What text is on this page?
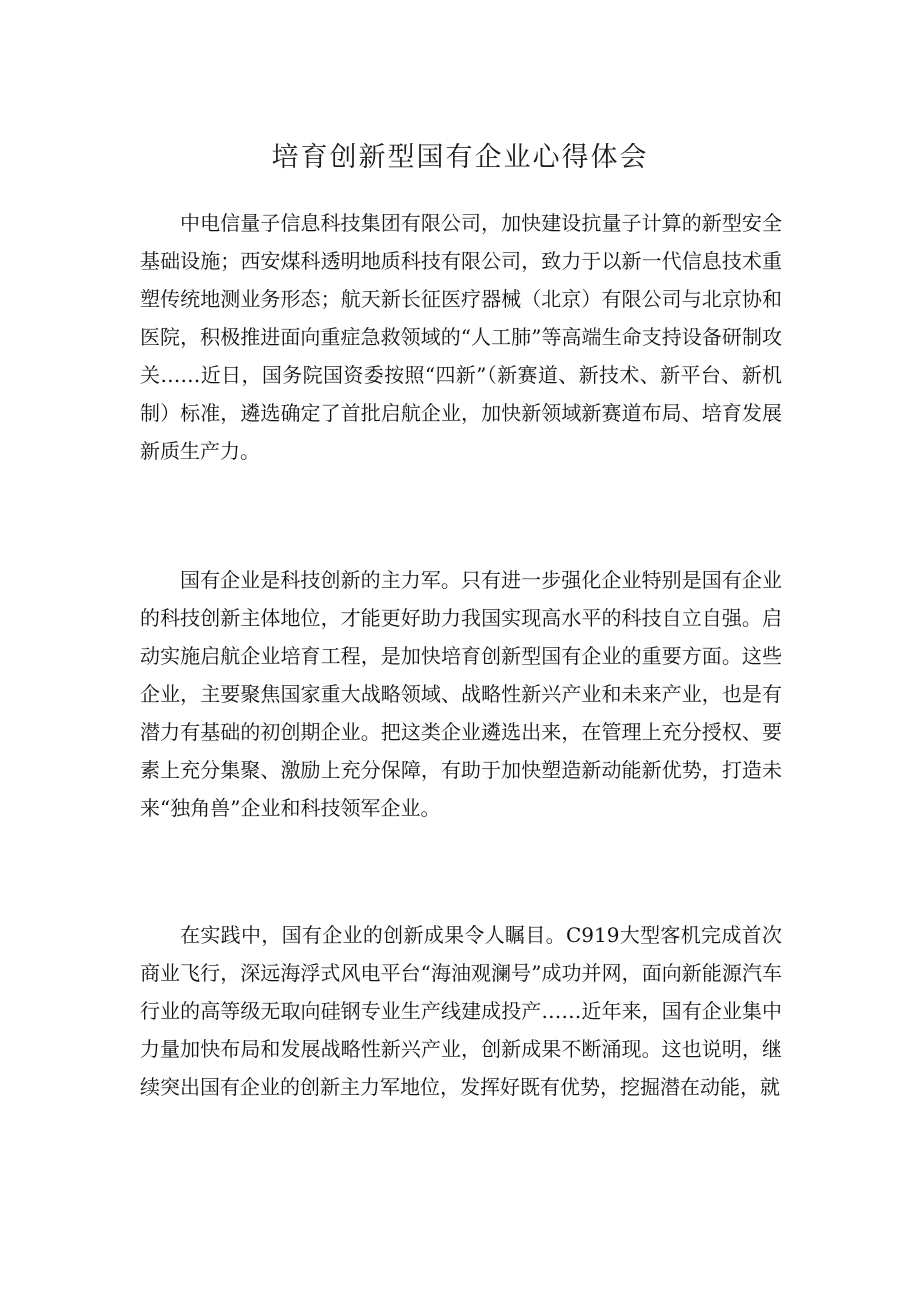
培育创新型国有企业心得体会

中电信量子信息科技集团有限公司，加快建设抗量子计算的新型安全基础设施；西安煤科透明地质科技有限公司，致力于以新一代信息技术重塑传统地测业务形态；航天新长征医疗器械（北京）有限公司与北京协和医院，积极推进面向重症急救领域的“人工肺”等高端生命支持设备研制攻关……近日，国务院国资委按照“四新”（新赛道、新技术、新平台、新机制）标准，遴选确定了首批启航企业，加快新领域新赛道布局、培育发展新质生产力。

国有企业是科技创新的主力军。只有进一步强化企业特别是国有企业的科技创新主体地位，才能更好助力我国实现高水平的科技自立自强。启动实施启航企业培育工程，是加快培育创新型国有企业的重要方面。这些企业，主要聚焦国家重大战略领域、战略性新兴产业和未来产业，也是有潜力有基础的初创期企业。把这类企业遴选出来，在管理上充分授权、要素上充分集聚、激励上充分保障，有助于加快塑造新动能新优势，打造未来“独角兽”企业和科技领军企业。

在实践中，国有企业的创新成果令人瞩目。C919大型客机完成首次商业飞行，深远海浮式风电平台“海油观澜号”成功并网，面向新能源汽车行业的高等级无取向硅钢专业生产线建成投产……近年来，国有企业集中力量加快布局和发展战略性新兴产业，创新成果不断涌现。这也说明，继续突出国有企业的创新主力军地位，发挥好既有优势，挖掘潜在动能，就
